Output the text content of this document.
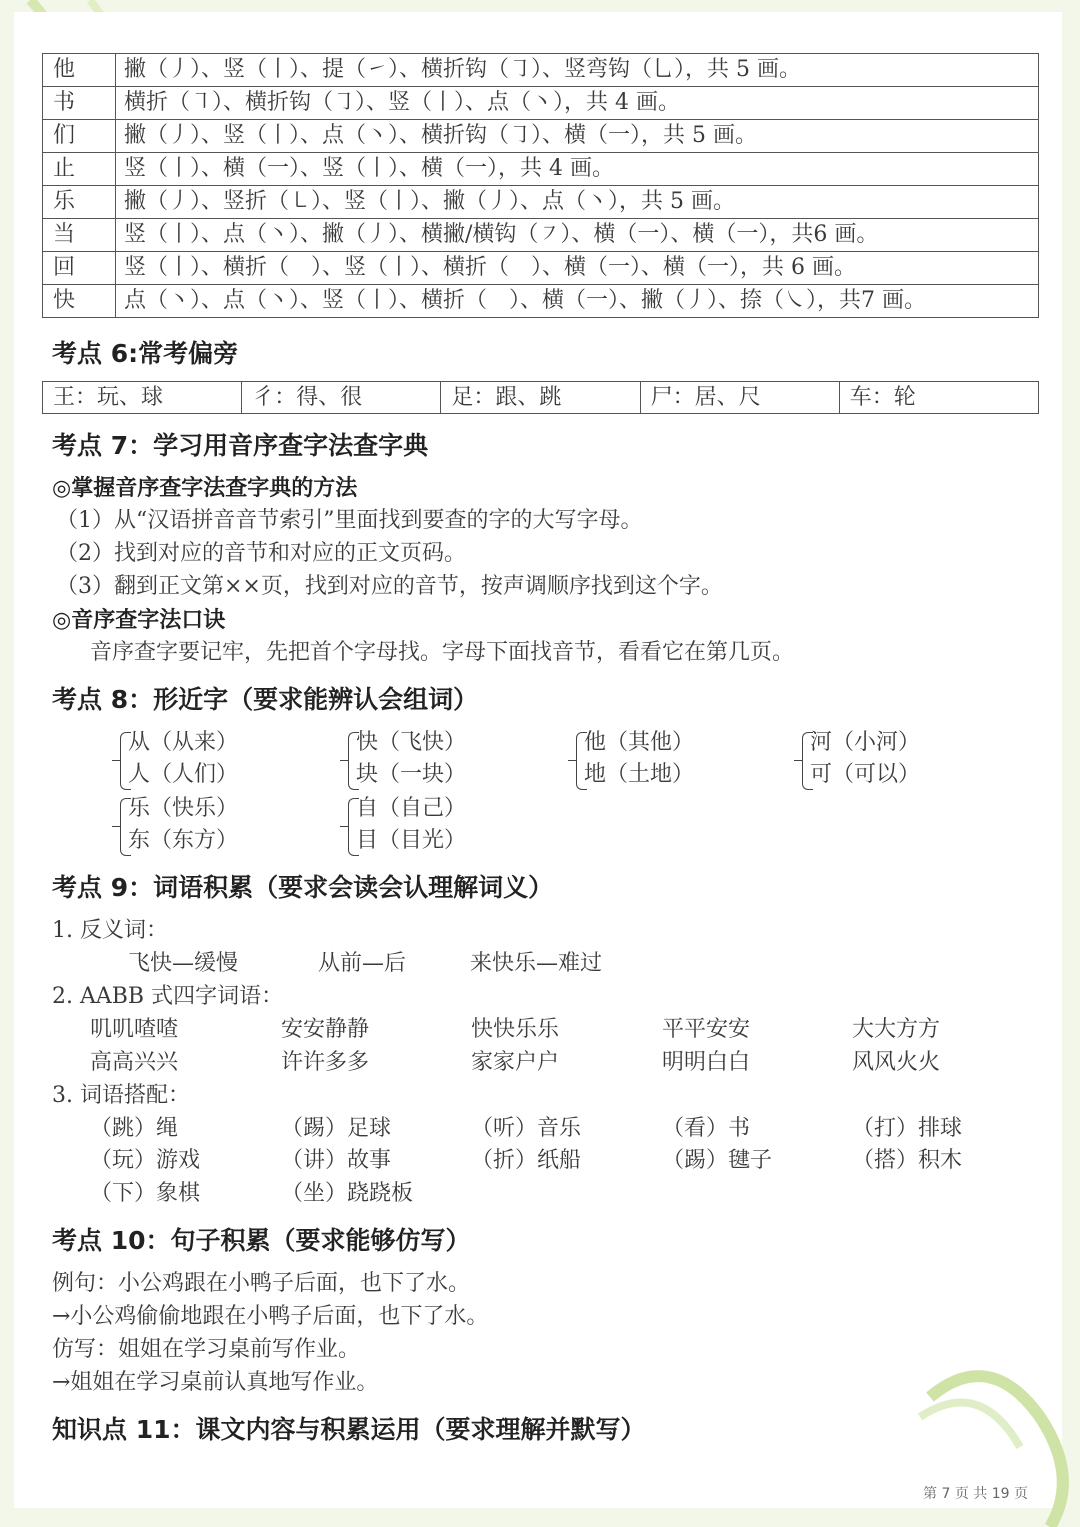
他	撇（丿）、竖（丨）、提（㇀）、横折钩（㇆）、竖弯钩（乚），共 5 画。
书	横折（㇕）、横折钩（㇆）、竖（丨）、点（丶），共 4 画。
们	撇（丿）、竖（丨）、点（丶）、横折钩（㇆）、横（一），共 5 画。
止	竖（丨）、横（一）、竖（丨）、横（一），共 4 画。
乐	撇（丿）、竖折（㇄）、竖（丨）、撇（丿）、点（丶），共 5 画。
当	竖（丨）、点（丶）、撇（丿）、横撇/横钩（㇇）、横（一）、横（一），共6 画。
回	竖（丨）、横折（　）、竖（丨）、横折（　）、横（一）、横（一），共 6 画。
快	点（丶）、点（丶）、竖（丨）、横折（　）、横（一）、撇（丿）、捺（㇏），共7 画。
考点 6:常考偏旁
王：玩、球	彳：得、很	足：跟、跳	尸：居、尺	车：轮
考点 7：学习用音序查字法查字典

◎掌握音序查字法查字典的方法

（1）从“汉语拼音音节索引”里面找到要查的字的大写字母。

（2）找到对应的音节和对应的正文页码。

（3）翻到正文第××页，找到对应的音节，按声调顺序找到这个字。

◎音序查字法口诀

音序查字要记牢，先把首个字母找。字母下面找音节，看看它在第几页。

考点 8：形近字（要求能辨认会组词）

从（从来）

人（人们）

快（飞快）

块（一块）

他（其他）

地（土地）

河（小河）

可（可以）

乐（快乐）

东（东方）

自（自己）

目（目光）

考点 9：词语积累（要求会读会认理解词义）

1. 反义词：

飞快—缓慢	从前—后	来快乐—难过

2. AABB 式四字词语：

叽叽喳喳	安安静静	快快乐乐	平平安安	大大方方

高高兴兴	许许多多	家家户户	明明白白	风风火火

3. 词语搭配：

（跳）绳	（踢）足球	（听）音乐	（看）书	（打）排球

（玩）游戏	（讲）故事	（折）纸船	（踢）毽子	（搭）积木

（下）象棋	（坐）跷跷板

考点 10：句子积累（要求能够仿写）

例句：小公鸡跟在小鸭子后面，也下了水。

→小公鸡偷偷地跟在小鸭子后面，也下了水。

仿写：姐姐在学习桌前写作业。

→姐姐在学习桌前认真地写作业。

知识点 11：课文内容与积累运用（要求理解并默写）
第 7 页 共 19 页
